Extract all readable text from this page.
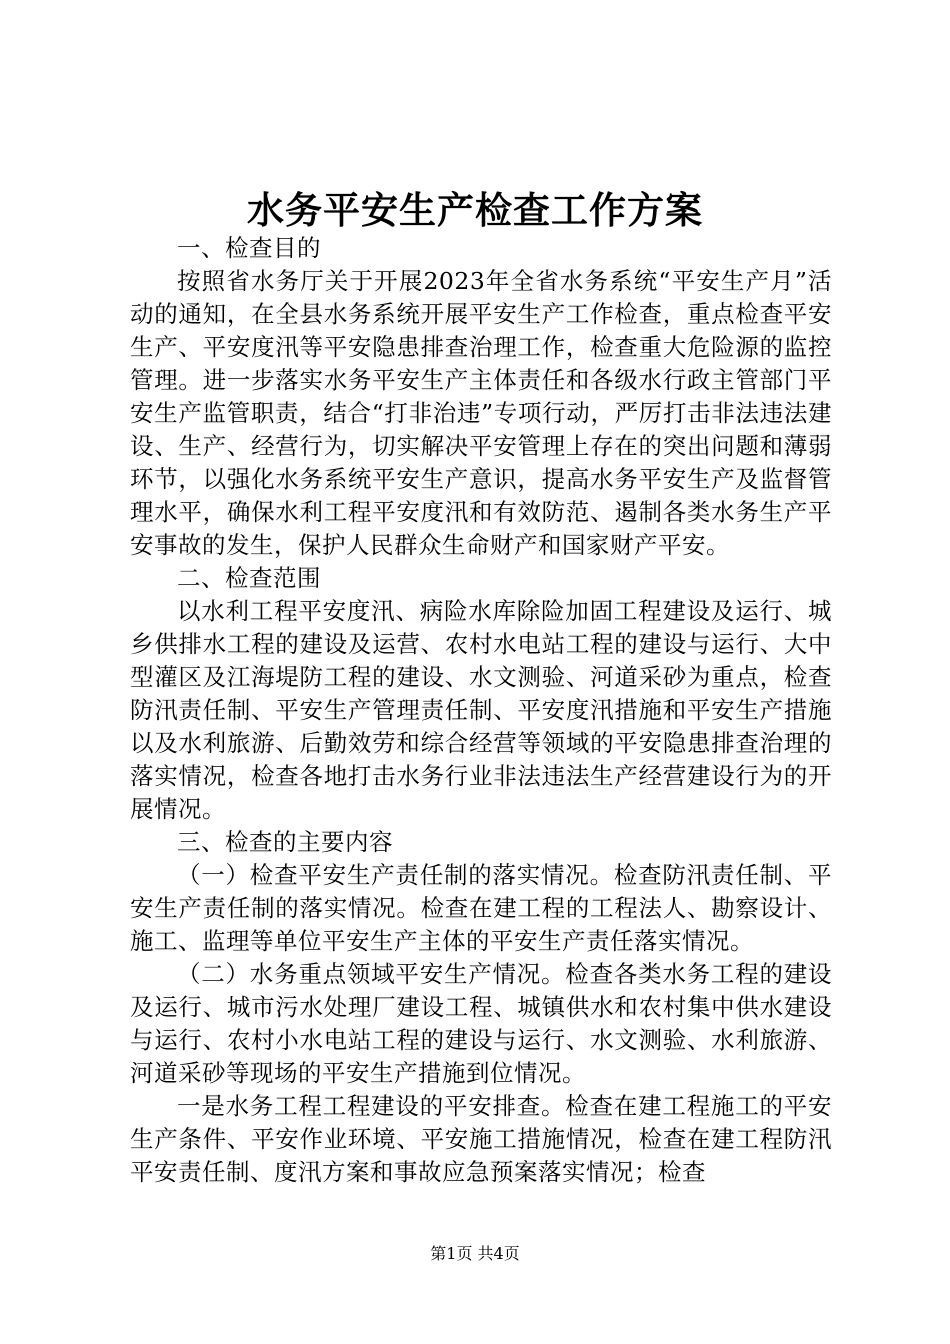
水务平安生产检查工作方案

一、检查目的

按照省水务厅关于开展2023年全省水务系统“平安生产月”活动的通知，在全县水务系统开展平安生产工作检查，重点检查平安生产、平安度汛等平安隐患排查治理工作，检查重大危险源的监控管理。进一步落实水务平安生产主体责任和各级水行政主管部门平安生产监管职责，结合“打非治违”专项行动，严厉打击非法违法建设、生产、经营行为，切实解决平安管理上存在的突出问题和薄弱环节，以强化水务系统平安生产意识，提高水务平安生产及监督管理水平，确保水利工程平安度汛和有效防范、遏制各类水务生产平安事故的发生，保护人民群众生命财产和国家财产平安。

二、检查范围

以水利工程平安度汛、病险水库除险加固工程建设及运行、城乡供排水工程的建设及运营、农村水电站工程的建设与运行、大中型灌区及江海堤防工程的建设、水文测验、河道采砂为重点，检查防汛责任制、平安生产管理责任制、平安度汛措施和平安生产措施以及水利旅游、后勤效劳和综合经营等领域的平安隐患排查治理的落实情况，检查各地打击水务行业非法违法生产经营建设行为的开展情况。

三、检查的主要内容

（一）检查平安生产责任制的落实情况。检查防汛责任制、平安生产责任制的落实情况。检查在建工程的工程法人、勘察设计、施工、监理等单位平安生产主体的平安生产责任落实情况。

（二）水务重点领域平安生产情况。检查各类水务工程的建设及运行、城市污水处理厂建设工程、城镇供水和农村集中供水建设与运行、农村小水电站工程的建设与运行、水文测验、水利旅游、河道采砂等现场的平安生产措施到位情况。

一是水务工程工程建设的平安排查。检查在建工程施工的平安生产条件、平安作业环境、平安施工措施情况，检查在建工程防汛平安责任制、度汛方案和事故应急预案落实情况；检查

第1页 共4页
